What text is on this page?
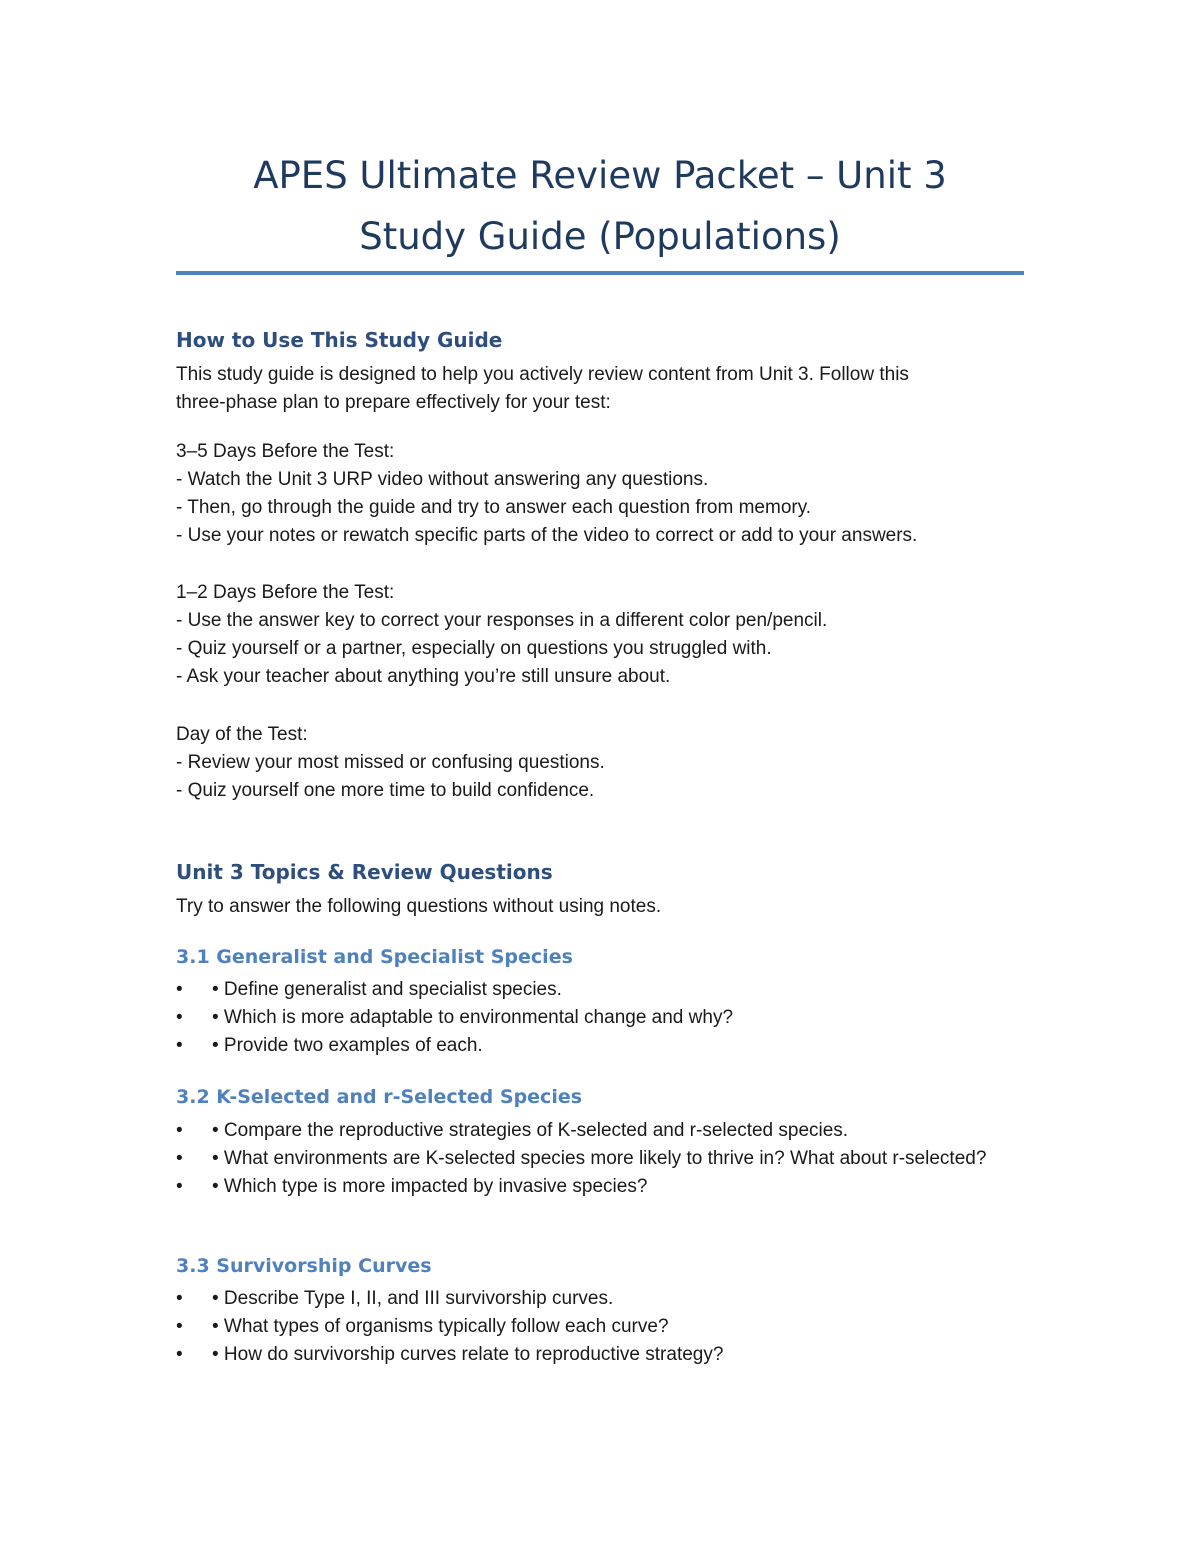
APES Ultimate Review Packet – Unit 3
Study Guide (Populations)
How to Use This Study Guide
This study guide is designed to help you actively review content from Unit 3. Follow this
three-phase plan to prepare effectively for your test:
3–5 Days Before the Test:
- Watch the Unit 3 URP video without answering any questions.
- Then, go through the guide and try to answer each question from memory.
- Use your notes or rewatch specific parts of the video to correct or add to your answers.
1–2 Days Before the Test:
- Use the answer key to correct your responses in a different color pen/pencil.
- Quiz yourself or a partner, especially on questions you struggled with.
- Ask your teacher about anything you’re still unsure about.
Day of the Test:
- Review your most missed or confusing questions.
- Quiz yourself one more time to build confidence.
Unit 3 Topics & Review Questions
Try to answer the following questions without using notes.
3.1 Generalist and Specialist Species
• • Define generalist and specialist species.
• • Which is more adaptable to environmental change and why?
• • Provide two examples of each.
3.2 K-Selected and r-Selected Species
• • Compare the reproductive strategies of K-selected and r-selected species.
• • What environments are K-selected species more likely to thrive in? What about r-selected?
• • Which type is more impacted by invasive species?
3.3 Survivorship Curves
• • Describe Type I, II, and III survivorship curves.
• • What types of organisms typically follow each curve?
• • How do survivorship curves relate to reproductive strategy?
